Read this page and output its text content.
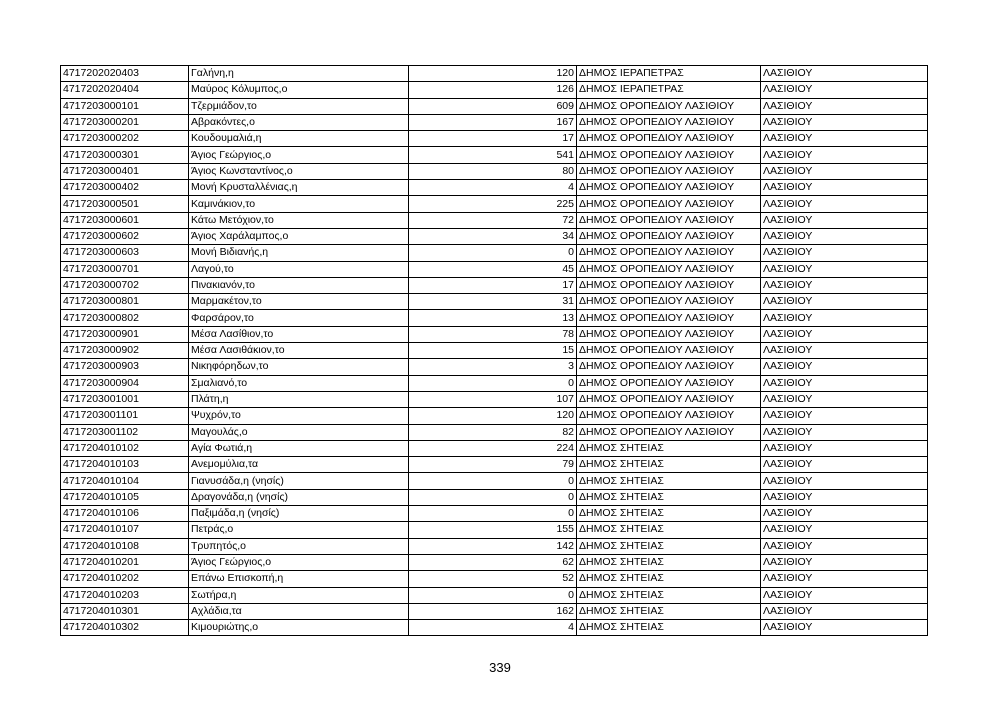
4717202020403	Γαλήνη,η	120	ΔΗΜΟΣ ΙΕΡΑΠΕΤΡΑΣ	ΛΑΣΙΘΙΟΥ
4717202020404	Μαύρος Κόλυμπος,ο	126	ΔΗΜΟΣ ΙΕΡΑΠΕΤΡΑΣ	ΛΑΣΙΘΙΟΥ
4717203000101	Τζερμιάδον,το	609	ΔΗΜΟΣ ΟΡΟΠΕΔΙΟΥ ΛΑΣΙΘΙΟΥ	ΛΑΣΙΘΙΟΥ
4717203000201	Αβρακόντες,ο	167	ΔΗΜΟΣ ΟΡΟΠΕΔΙΟΥ ΛΑΣΙΘΙΟΥ	ΛΑΣΙΘΙΟΥ
4717203000202	Κουδουμαλιά,η	17	ΔΗΜΟΣ ΟΡΟΠΕΔΙΟΥ ΛΑΣΙΘΙΟΥ	ΛΑΣΙΘΙΟΥ
4717203000301	Άγιος Γεώργιος,ο	541	ΔΗΜΟΣ ΟΡΟΠΕΔΙΟΥ ΛΑΣΙΘΙΟΥ	ΛΑΣΙΘΙΟΥ
4717203000401	Άγιος Κωνσταντίνος,ο	80	ΔΗΜΟΣ ΟΡΟΠΕΔΙΟΥ ΛΑΣΙΘΙΟΥ	ΛΑΣΙΘΙΟΥ
4717203000402	Μονή Κρυσταλλένιας,η	4	ΔΗΜΟΣ ΟΡΟΠΕΔΙΟΥ ΛΑΣΙΘΙΟΥ	ΛΑΣΙΘΙΟΥ
4717203000501	Καμινάκιον,το	225	ΔΗΜΟΣ ΟΡΟΠΕΔΙΟΥ ΛΑΣΙΘΙΟΥ	ΛΑΣΙΘΙΟΥ
4717203000601	Κάτω Μετόχιον,το	72	ΔΗΜΟΣ ΟΡΟΠΕΔΙΟΥ ΛΑΣΙΘΙΟΥ	ΛΑΣΙΘΙΟΥ
4717203000602	Άγιος Χαράλαμπος,ο	34	ΔΗΜΟΣ ΟΡΟΠΕΔΙΟΥ ΛΑΣΙΘΙΟΥ	ΛΑΣΙΘΙΟΥ
4717203000603	Μονή Βιδιανής,η	0	ΔΗΜΟΣ ΟΡΟΠΕΔΙΟΥ ΛΑΣΙΘΙΟΥ	ΛΑΣΙΘΙΟΥ
4717203000701	Λαγού,το	45	ΔΗΜΟΣ ΟΡΟΠΕΔΙΟΥ ΛΑΣΙΘΙΟΥ	ΛΑΣΙΘΙΟΥ
4717203000702	Πινακιανόν,το	17	ΔΗΜΟΣ ΟΡΟΠΕΔΙΟΥ ΛΑΣΙΘΙΟΥ	ΛΑΣΙΘΙΟΥ
4717203000801	Μαρμακέτον,το	31	ΔΗΜΟΣ ΟΡΟΠΕΔΙΟΥ ΛΑΣΙΘΙΟΥ	ΛΑΣΙΘΙΟΥ
4717203000802	Φαρσάρον,το	13	ΔΗΜΟΣ ΟΡΟΠΕΔΙΟΥ ΛΑΣΙΘΙΟΥ	ΛΑΣΙΘΙΟΥ
4717203000901	Μέσα Λασίθιον,το	78	ΔΗΜΟΣ ΟΡΟΠΕΔΙΟΥ ΛΑΣΙΘΙΟΥ	ΛΑΣΙΘΙΟΥ
4717203000902	Μέσα Λασιθάκιον,το	15	ΔΗΜΟΣ ΟΡΟΠΕΔΙΟΥ ΛΑΣΙΘΙΟΥ	ΛΑΣΙΘΙΟΥ
4717203000903	Νικηφόρηδων,το	3	ΔΗΜΟΣ ΟΡΟΠΕΔΙΟΥ ΛΑΣΙΘΙΟΥ	ΛΑΣΙΘΙΟΥ
4717203000904	Σμαλιανό,το	0	ΔΗΜΟΣ ΟΡΟΠΕΔΙΟΥ ΛΑΣΙΘΙΟΥ	ΛΑΣΙΘΙΟΥ
4717203001001	Πλάτη,η	107	ΔΗΜΟΣ ΟΡΟΠΕΔΙΟΥ ΛΑΣΙΘΙΟΥ	ΛΑΣΙΘΙΟΥ
4717203001101	Ψυχρόν,το	120	ΔΗΜΟΣ ΟΡΟΠΕΔΙΟΥ ΛΑΣΙΘΙΟΥ	ΛΑΣΙΘΙΟΥ
4717203001102	Μαγουλάς,ο	82	ΔΗΜΟΣ ΟΡΟΠΕΔΙΟΥ ΛΑΣΙΘΙΟΥ	ΛΑΣΙΘΙΟΥ
4717204010102	Αγία Φωτιά,η	224	ΔΗΜΟΣ ΣΗΤΕΙΑΣ	ΛΑΣΙΘΙΟΥ
4717204010103	Ανεμομύλια,τα	79	ΔΗΜΟΣ ΣΗΤΕΙΑΣ	ΛΑΣΙΘΙΟΥ
4717204010104	Γιανυσάδα,η (νησίς)	0	ΔΗΜΟΣ ΣΗΤΕΙΑΣ	ΛΑΣΙΘΙΟΥ
4717204010105	Δραγονάδα,η (νησίς)	0	ΔΗΜΟΣ ΣΗΤΕΙΑΣ	ΛΑΣΙΘΙΟΥ
4717204010106	Παξιμάδα,η (νησίς)	0	ΔΗΜΟΣ ΣΗΤΕΙΑΣ	ΛΑΣΙΘΙΟΥ
4717204010107	Πετράς,ο	155	ΔΗΜΟΣ ΣΗΤΕΙΑΣ	ΛΑΣΙΘΙΟΥ
4717204010108	Τρυπητός,ο	142	ΔΗΜΟΣ ΣΗΤΕΙΑΣ	ΛΑΣΙΘΙΟΥ
4717204010201	Άγιος Γεώργιος,ο	62	ΔΗΜΟΣ ΣΗΤΕΙΑΣ	ΛΑΣΙΘΙΟΥ
4717204010202	Επάνω Επισκοπή,η	52	ΔΗΜΟΣ ΣΗΤΕΙΑΣ	ΛΑΣΙΘΙΟΥ
4717204010203	Σωτήρα,η	0	ΔΗΜΟΣ ΣΗΤΕΙΑΣ	ΛΑΣΙΘΙΟΥ
4717204010301	Αχλάδια,τα	162	ΔΗΜΟΣ ΣΗΤΕΙΑΣ	ΛΑΣΙΘΙΟΥ
4717204010302	Κιμουριώτης,ο	4	ΔΗΜΟΣ ΣΗΤΕΙΑΣ	ΛΑΣΙΘΙΟΥ
339
